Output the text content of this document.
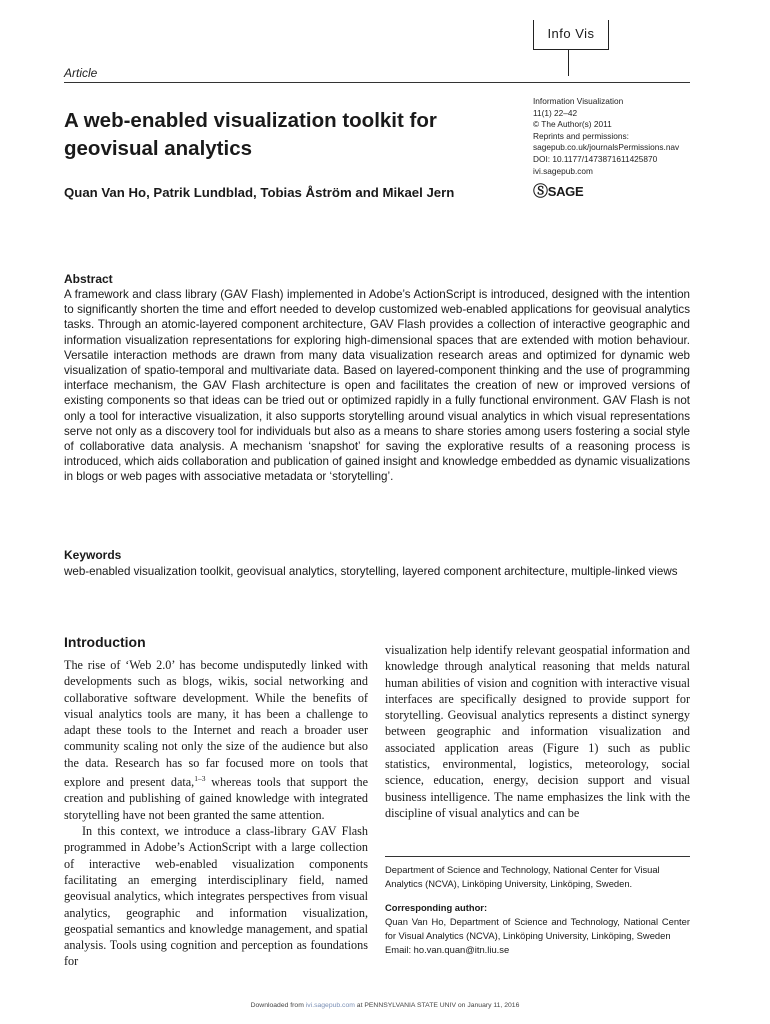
Info Vis
Article
A web-enabled visualization toolkit for geovisual analytics
Quan Van Ho, Patrik Lundblad, Tobias Åström and Mikael Jern
Information Visualization
11(1) 22–42
© The Author(s) 2011
Reprints and permissions:
sagepub.co.uk/journalsPermissions.nav
DOI: 10.1177/1473871611425870
ivi.sagepub.com
ⓈSAGE
Abstract
A framework and class library (GAV Flash) implemented in Adobe’s ActionScript is introduced, designed with the intention to significantly shorten the time and effort needed to develop customized web-enabled applications for geovisual analytics tasks. Through an atomic-layered component architecture, GAV Flash provides a collection of interactive geographic and information visualization representations for exploring high-dimensional spaces that are extended with motion behaviour. Versatile interaction methods are drawn from many data visualization research areas and optimized for dynamic web visualization of spatio-temporal and multivariate data. Based on layered-component thinking and the use of programming interface mechanism, the GAV Flash architecture is open and facilitates the creation of new or improved versions of existing components so that ideas can be tried out or optimized rapidly in a fully functional environment. GAV Flash is not only a tool for interactive visualization, it also supports storytelling around visual analytics in which visual representations serve not only as a discovery tool for individuals but also as a means to share stories among users fostering a social style of collaborative data analysis. A mechanism ‘snapshot’ for saving the explorative results of a reasoning process is introduced, which aids collaboration and publication of gained insight and knowledge embedded as dynamic visualizations in blogs or web pages with associative metadata or ‘storytelling’.
Keywords
web-enabled visualization toolkit, geovisual analytics, storytelling, layered component architecture, multiple-linked views
Introduction

The rise of ‘Web 2.0’ has become undisputedly linked with developments such as blogs, wikis, social networking and collaborative software development. While the benefits of visual analytics tools are many, it has been a challenge to adapt these tools to the Internet and reach a broader user community scaling not only the size of the audience but also the data. Research has so far focused more on tools that explore and present data,$^{1-3}$ whereas tools that support the creation and publishing of gained knowledge with integrated storytelling have not been granted the same attention.

In this context, we introduce a class-library GAV Flash programmed in Adobe’s ActionScript with a large collection of interactive web-enabled visualization components facilitating an emerging interdisciplinary field, named geovisual analytics, which integrates perspectives from visual analytics, geographic and information visualization, geospatial semantics and knowledge management, and spatial analysis. Tools using cognition and perception as foundations for

visualization help identify relevant geospatial information and knowledge through analytical reasoning that melds natural human abilities of vision and cognition with interactive visual interfaces are specifically designed to provide support for storytelling. Geovisual analytics represents a distinct synergy between geographic and information visualization and associated application areas (Figure 1) such as public statistics, environmental, logistics, meteorology, social science, education, energy, decision support and visual business intelligence. The name emphasizes the link with the discipline of visual analytics and can be

Department of Science and Technology, National Center for Visual Analytics (NCVA), Linköping University, Linköping, Sweden.
Corresponding author:
Quan Van Ho, Department of Science and Technology, National Center for Visual Analytics (NCVA), Linköping University, Linköping, Sweden
Email: ho.van.quan@itn.liu.se
Downloaded from ivi.sagepub.com at PENNSYLVANIA STATE UNIV on January 11, 2016
